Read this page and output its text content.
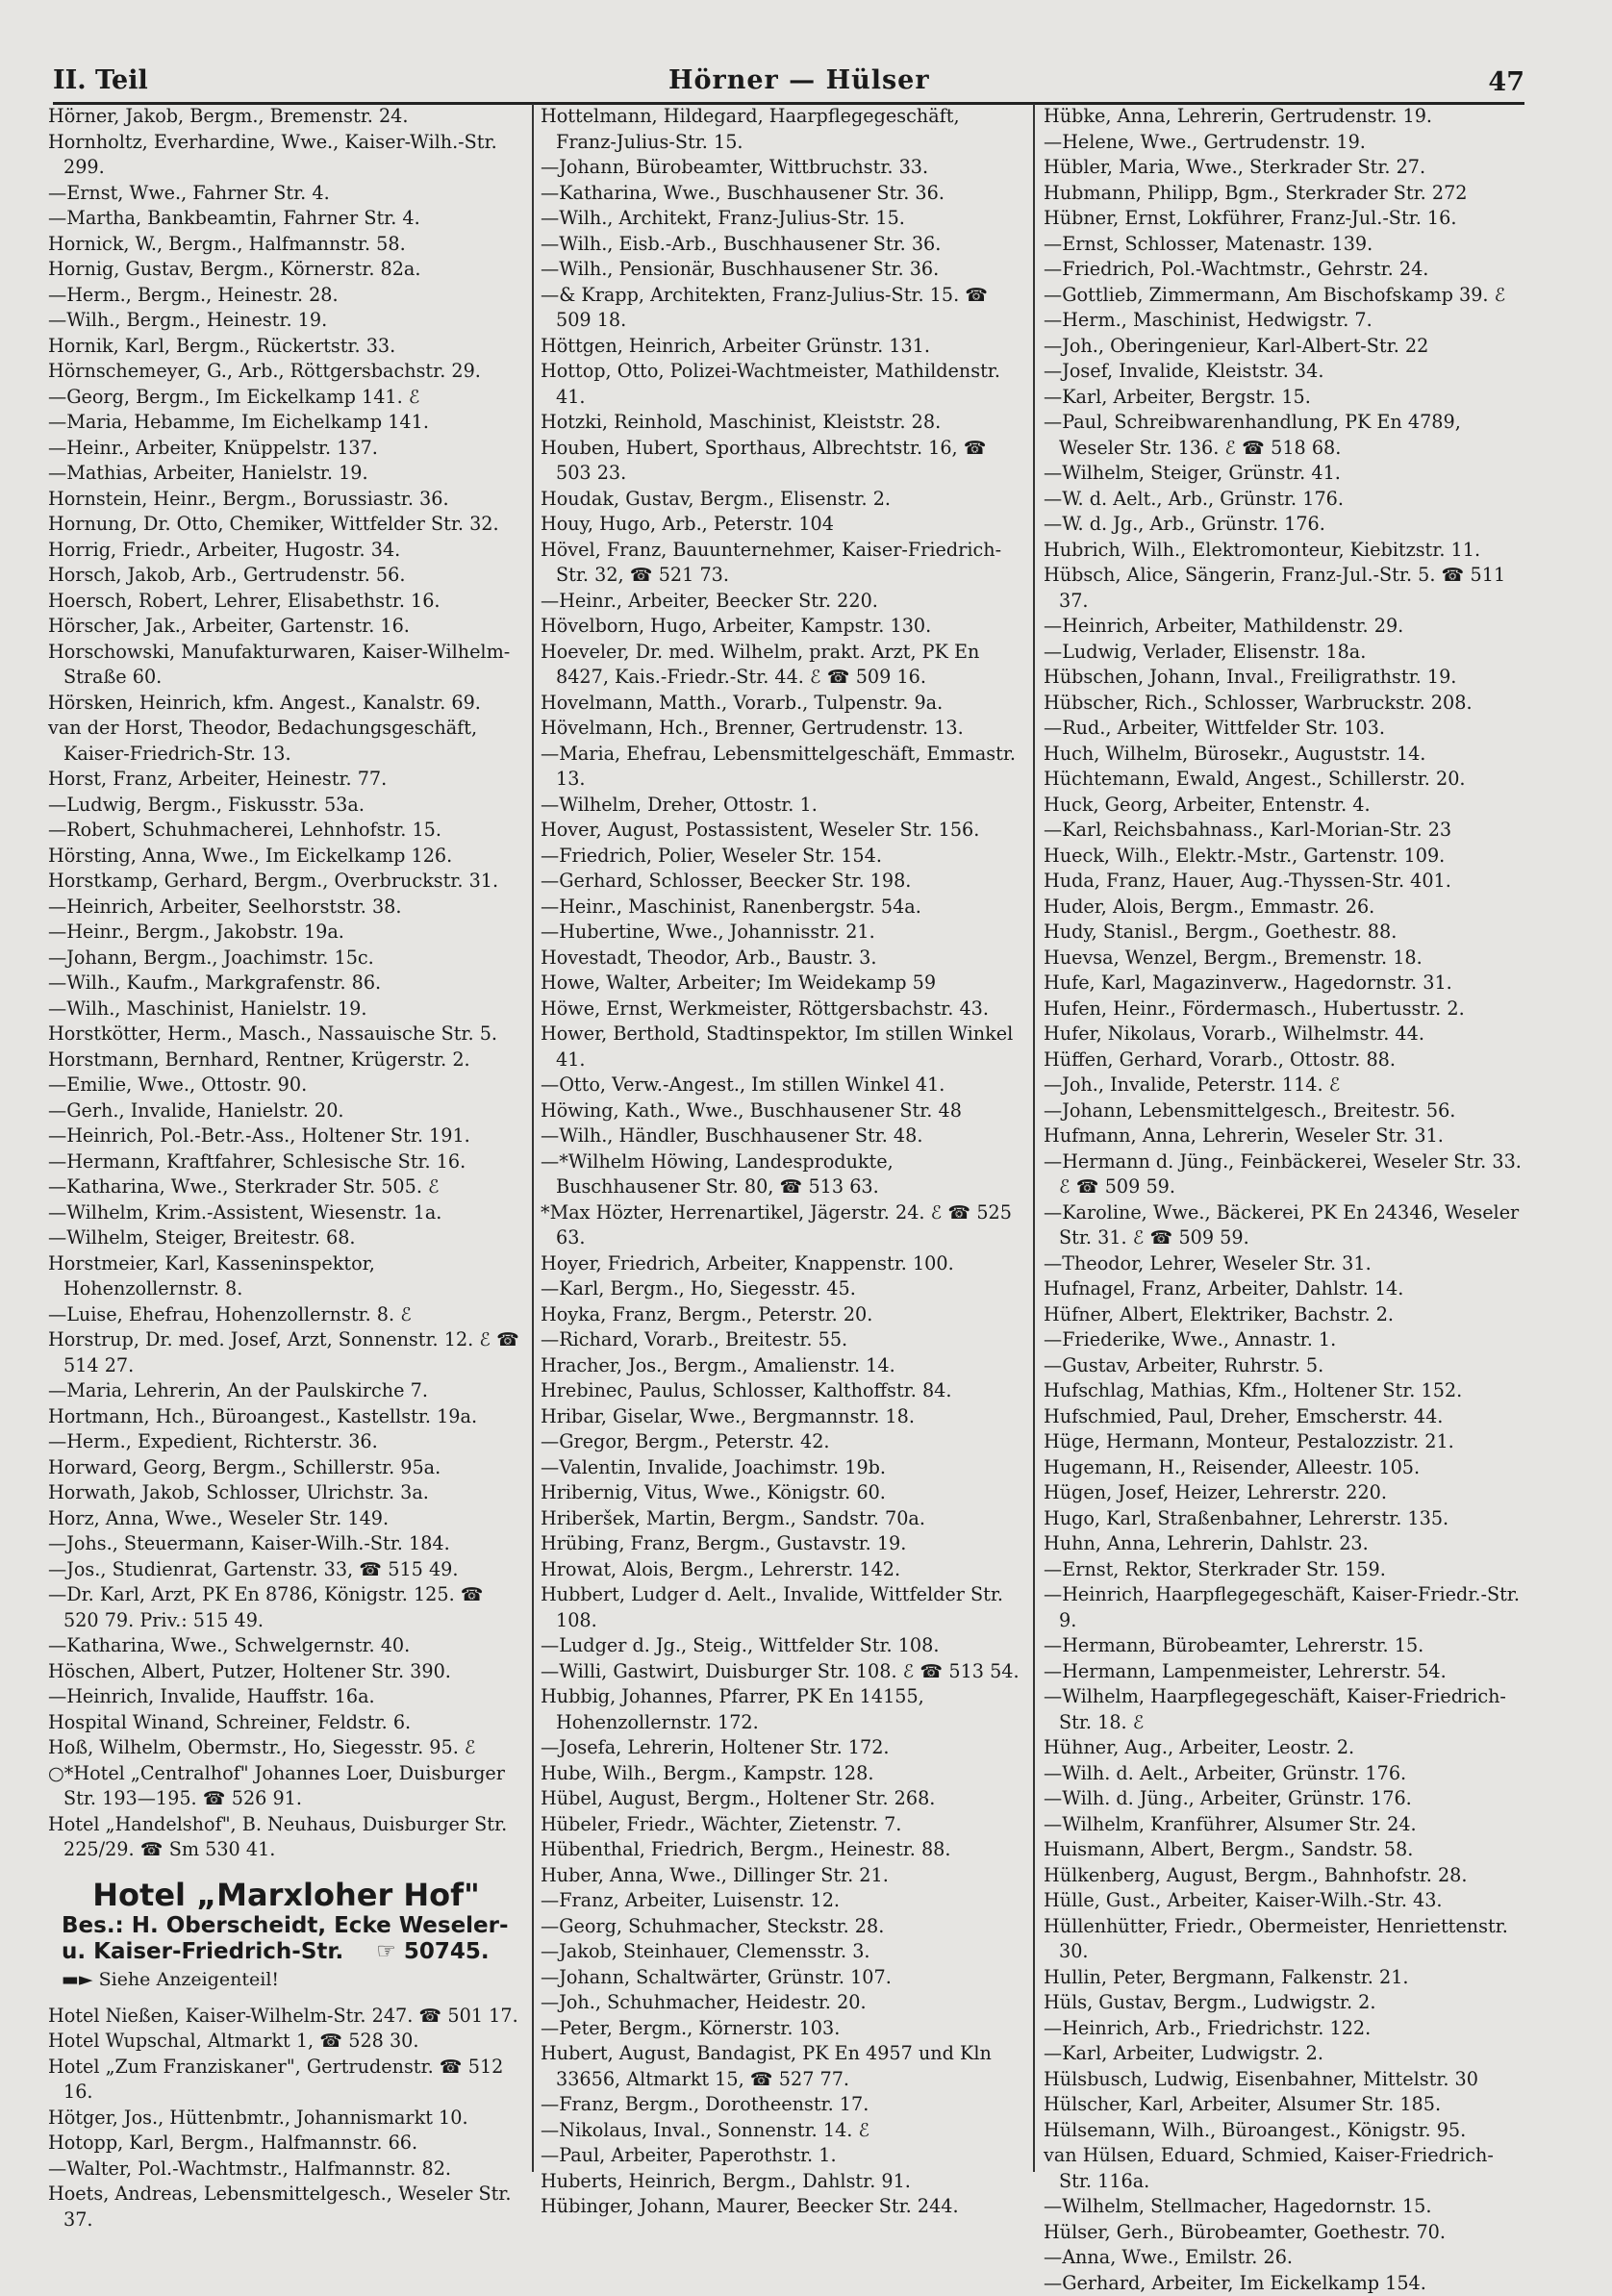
II. Teil	Hörner — Hülser	47

Hörner, Jakob, Bergm., Bremenstr. 24.

Hornholtz, Everhardine, Wwe., Kaiser-Wilh.-Str. 299.

—Ernst, Wwe., Fahrner Str. 4.

—Martha, Bankbeamtin, Fahrner Str. 4.

Hornick, W., Bergm., Halfmannstr. 58.

Hornig, Gustav, Bergm., Körnerstr. 82a.

—Herm., Bergm., Heinestr. 28.

—Wilh., Bergm., Heinestr. 19.

Hornik, Karl, Bergm., Rückertstr. 33.

Hörnschemeyer, G., Arb., Röttgersbachstr. 29.

—Georg, Bergm., Im Eickelkamp 141. ℰ

—Maria, Hebamme, Im Eichelkamp 141.

—Heinr., Arbeiter, Knüppelstr. 137.

—Mathias, Arbeiter, Hanielstr. 19.

Hornstein, Heinr., Bergm., Borussiastr. 36.

Hornung, Dr. Otto, Chemiker, Wittfelder Str. 32.

Horrig, Friedr., Arbeiter, Hugostr. 34.

Horsch, Jakob, Arb., Gertrudenstr. 56.

Hoersch, Robert, Lehrer, Elisabethstr. 16.

Hörscher, Jak., Arbeiter, Gartenstr. 16.

Horschowski, Manufakturwaren, Kaiser-Wilhelm-Straße 60.

Hörsken, Heinrich, kfm. Angest., Kanalstr. 69.

van der Horst, Theodor, Bedachungsgeschäft, Kaiser-Friedrich-Str. 13.

Horst, Franz, Arbeiter, Heinestr. 77.

—Ludwig, Bergm., Fiskusstr. 53a.

—Robert, Schuhmacherei, Lehnhofstr. 15.

Hörsting, Anna, Wwe., Im Eickelkamp 126.

Horstkamp, Gerhard, Bergm., Overbruckstr. 31.

—Heinrich, Arbeiter, Seelhorststr. 38.

—Heinr., Bergm., Jakobstr. 19a.

—Johann, Bergm., Joachimstr. 15c.

—Wilh., Kaufm., Markgrafenstr. 86.

—Wilh., Maschinist, Hanielstr. 19.

Horstkötter, Herm., Masch., Nassauische Str. 5.

Horstmann, Bernhard, Rentner, Krügerstr. 2.

—Emilie, Wwe., Ottostr. 90.

—Gerh., Invalide, Hanielstr. 20.

—Heinrich, Pol.-Betr.-Ass., Holtener Str. 191.

—Hermann, Kraftfahrer, Schlesische Str. 16.

—Katharina, Wwe., Sterkrader Str. 505. ℰ

—Wilhelm, Krim.-Assistent, Wiesenstr. 1a.

—Wilhelm, Steiger, Breitestr. 68.

Horstmeier, Karl, Kasseninspektor, Hohenzollernstr. 8.

—Luise, Ehefrau, Hohenzollernstr. 8. ℰ

Horstrup, Dr. med. Josef, Arzt, Sonnenstr. 12. ℰ ☎ 514 27.

—Maria, Lehrerin, An der Paulskirche 7.

Hortmann, Hch., Büroangest., Kastellstr. 19a.

—Herm., Expedient, Richterstr. 36.

Horward, Georg, Bergm., Schillerstr. 95a.

Horwath, Jakob, Schlosser, Ulrichstr. 3a.

Horz, Anna, Wwe., Weseler Str. 149.

—Johs., Steuermann, Kaiser-Wilh.-Str. 184.

—Jos., Studienrat, Gartenstr. 33, ☎ 515 49.

—Dr. Karl, Arzt, PK En 8786, Königstr. 125. ☎ 520 79. Priv.: 515 49.

—Katharina, Wwe., Schwelgernstr. 40.

Höschen, Albert, Putzer, Holtener Str. 390.

—Heinrich, Invalide, Hauffstr. 16a.

Hospital Winand, Schreiner, Feldstr. 6.

Hoß, Wilhelm, Obermstr., Ho, Siegesstr. 95. ℰ

○*Hotel „Centralhof" Johannes Loer, Duisburger Str. 193—195. ☎ 526 91.

Hotel „Handelshof", B. Neuhaus, Duisburger Str. 225/29. ☎ Sm 530 41.

Hotel „Marxloher Hof"
Bes.: H. Oberscheidt, Ecke Weseler-
u. Kaiser-Friedrich-Str. ☞ 50745.
▬► Siehe Anzeigenteil!

Hotel Nießen, Kaiser-Wilhelm-Str. 247. ☎ 501 17.

Hotel Wupschal, Altmarkt 1, ☎ 528 30.

Hotel „Zum Franziskaner", Gertrudenstr. ☎ 512 16.

Hötger, Jos., Hüttenbmtr., Johannismarkt 10.

Hotopp, Karl, Bergm., Halfmannstr. 66.

—Walter, Pol.-Wachtmstr., Halfmannstr. 82.

Hoets, Andreas, Lebensmittelgesch., Weseler Str. 37.

Hottelmann, Hildegard, Haarpflegegeschäft, Franz-Julius-Str. 15.

—Johann, Bürobeamter, Wittbruchstr. 33.

—Katharina, Wwe., Buschhausener Str. 36.

—Wilh., Architekt, Franz-Julius-Str. 15.

—Wilh., Eisb.-Arb., Buschhausener Str. 36.

—Wilh., Pensionär, Buschhausener Str. 36.

—& Krapp, Architekten, Franz-Julius-Str. 15. ☎ 509 18.

Höttgen, Heinrich, Arbeiter Grünstr. 131.

Hottop, Otto, Polizei-Wachtmeister, Mathildenstr. 41.

Hotzki, Reinhold, Maschinist, Kleiststr. 28.

Houben, Hubert, Sporthaus, Albrechtstr. 16, ☎ 503 23.

Houdak, Gustav, Bergm., Elisenstr. 2.

Houy, Hugo, Arb., Peterstr. 104

Hövel, Franz, Bauunternehmer, Kaiser-Friedrich-Str. 32, ☎ 521 73.

—Heinr., Arbeiter, Beecker Str. 220.

Hövelborn, Hugo, Arbeiter, Kampstr. 130.

Hoeveler, Dr. med. Wilhelm, prakt. Arzt, PK En 8427, Kais.-Friedr.-Str. 44. ℰ ☎ 509 16.

Hovelmann, Matth., Vorarb., Tulpenstr. 9a.

Hövelmann, Hch., Brenner, Gertrudenstr. 13.

—Maria, Ehefrau, Lebensmittelgeschäft, Emmastr. 13.

—Wilhelm, Dreher, Ottostr. 1.

Hover, August, Postassistent, Weseler Str. 156.

—Friedrich, Polier, Weseler Str. 154.

—Gerhard, Schlosser, Beecker Str. 198.

—Heinr., Maschinist, Ranenbergstr. 54a.

—Hubertine, Wwe., Johannisstr. 21.

Hovestadt, Theodor, Arb., Baustr. 3.

Howe, Walter, Arbeiter; Im Weidekamp 59

Höwe, Ernst, Werkmeister, Röttgersbachstr. 43.

Hower, Berthold, Stadtinspektor, Im stillen Winkel 41.

—Otto, Verw.-Angest., Im stillen Winkel 41.

Höwing, Kath., Wwe., Buschhausener Str. 48

—Wilh., Händler, Buschhausener Str. 48.

—*Wilhelm Höwing, Landesprodukte, Buschhausener Str. 80, ☎ 513 63.

*Max Hözter, Herrenartikel, Jägerstr. 24. ℰ ☎ 525 63.

Hoyer, Friedrich, Arbeiter, Knappenstr. 100.

—Karl, Bergm., Ho, Siegesstr. 45.

Hoyka, Franz, Bergm., Peterstr. 20.

—Richard, Vorarb., Breitestr. 55.

Hracher, Jos., Bergm., Amalienstr. 14.

Hrebinec, Paulus, Schlosser, Kalthoffstr. 84.

Hribar, Giselar, Wwe., Bergmannstr. 18.

—Gregor, Bergm., Peterstr. 42.

—Valentin, Invalide, Joachimstr. 19b.

Hribernig, Vitus, Wwe., Königstr. 60.

Hriberšek, Martin, Bergm., Sandstr. 70a.

Hrübing, Franz, Bergm., Gustavstr. 19.

Hrowat, Alois, Bergm., Lehrerstr. 142.

Hubbert, Ludger d. Aelt., Invalide, Wittfelder Str. 108.

—Ludger d. Jg., Steig., Wittfelder Str. 108.

—Willi, Gastwirt, Duisburger Str. 108. ℰ ☎ 513 54.

Hubbig, Johannes, Pfarrer, PK En 14155, Hohenzollernstr. 172.

—Josefa, Lehrerin, Holtener Str. 172.

Hube, Wilh., Bergm., Kampstr. 128.

Hübel, August, Bergm., Holtener Str. 268.

Hübeler, Friedr., Wächter, Zietenstr. 7.

Hübenthal, Friedrich, Bergm., Heinestr. 88.

Huber, Anna, Wwe., Dillinger Str. 21.

—Franz, Arbeiter, Luisenstr. 12.

—Georg, Schuhmacher, Steckstr. 28.

—Jakob, Steinhauer, Clemensstr. 3.

—Johann, Schaltwärter, Grünstr. 107.

—Joh., Schuhmacher, Heidestr. 20.

—Peter, Bergm., Körnerstr. 103.

Hubert, August, Bandagist, PK En 4957 und Kln 33656, Altmarkt 15, ☎ 527 77.

—Franz, Bergm., Dorotheenstr. 17.

—Nikolaus, Inval., Sonnenstr. 14. ℰ

—Paul, Arbeiter, Paperothstr. 1.

Huberts, Heinrich, Bergm., Dahlstr. 91.

Hübinger, Johann, Maurer, Beecker Str. 244.

Hübke, Anna, Lehrerin, Gertrudenstr. 19.

—Helene, Wwe., Gertrudenstr. 19.

Hübler, Maria, Wwe., Sterkrader Str. 27.

Hubmann, Philipp, Bgm., Sterkrader Str. 272

Hübner, Ernst, Lokführer, Franz-Jul.-Str. 16.

—Ernst, Schlosser, Matenastr. 139.

—Friedrich, Pol.-Wachtmstr., Gehrstr. 24.

—Gottlieb, Zimmermann, Am Bischofskamp 39. ℰ

—Herm., Maschinist, Hedwigstr. 7.

—Joh., Oberingenieur, Karl-Albert-Str. 22

—Josef, Invalide, Kleiststr. 34.

—Karl, Arbeiter, Bergstr. 15.

—Paul, Schreibwarenhandlung, PK En 4789, Weseler Str. 136. ℰ ☎ 518 68.

—Wilhelm, Steiger, Grünstr. 41.

—W. d. Aelt., Arb., Grünstr. 176.

—W. d. Jg., Arb., Grünstr. 176.

Hubrich, Wilh., Elektromonteur, Kiebitzstr. 11.

Hübsch, Alice, Sängerin, Franz-Jul.-Str. 5. ☎ 511 37.

—Heinrich, Arbeiter, Mathildenstr. 29.

—Ludwig, Verlader, Elisenstr. 18a.

Hübschen, Johann, Inval., Freiligrathstr. 19.

Hübscher, Rich., Schlosser, Warbruckstr. 208.

—Rud., Arbeiter, Wittfelder Str. 103.

Huch, Wilhelm, Bürosekr., Auguststr. 14.

Hüchtemann, Ewald, Angest., Schillerstr. 20.

Huck, Georg, Arbeiter, Entenstr. 4.

—Karl, Reichsbahnass., Karl-Morian-Str. 23

Hueck, Wilh., Elektr.-Mstr., Gartenstr. 109.

Huda, Franz, Hauer, Aug.-Thyssen-Str. 401.

Huder, Alois, Bergm., Emmastr. 26.

Hudy, Stanisl., Bergm., Goethestr. 88.

Huevsa, Wenzel, Bergm., Bremenstr. 18.

Hufe, Karl, Magazinverw., Hagedornstr. 31.

Hufen, Heinr., Fördermasch., Hubertusstr. 2.

Hufer, Nikolaus, Vorarb., Wilhelmstr. 44.

Hüffen, Gerhard, Vorarb., Ottostr. 88.

—Joh., Invalide, Peterstr. 114. ℰ

—Johann, Lebensmittelgesch., Breitestr. 56.

Hufmann, Anna, Lehrerin, Weseler Str. 31.

—Hermann d. Jüng., Feinbäckerei, Weseler Str. 33. ℰ ☎ 509 59.

—Karoline, Wwe., Bäckerei, PK En 24346, Weseler Str. 31. ℰ ☎ 509 59.

—Theodor, Lehrer, Weseler Str. 31.

Hufnagel, Franz, Arbeiter, Dahlstr. 14.

Hüfner, Albert, Elektriker, Bachstr. 2.

—Friederike, Wwe., Annastr. 1.

—Gustav, Arbeiter, Ruhrstr. 5.

Hufschlag, Mathias, Kfm., Holtener Str. 152.

Hufschmied, Paul, Dreher, Emscherstr. 44.

Hüge, Hermann, Monteur, Pestalozzistr. 21.

Hugemann, H., Reisender, Alleestr. 105.

Hügen, Josef, Heizer, Lehrerstr. 220.

Hugo, Karl, Straßenbahner, Lehrerstr. 135.

Huhn, Anna, Lehrerin, Dahlstr. 23.

—Ernst, Rektor, Sterkrader Str. 159.

—Heinrich, Haarpflegegeschäft, Kaiser-Friedr.-Str. 9.

—Hermann, Bürobeamter, Lehrerstr. 15.

—Hermann, Lampenmeister, Lehrerstr. 54.

—Wilhelm, Haarpflegegeschäft, Kaiser-Friedrich-Str. 18. ℰ

Hühner, Aug., Arbeiter, Leostr. 2.

—Wilh. d. Aelt., Arbeiter, Grünstr. 176.

—Wilh. d. Jüng., Arbeiter, Grünstr. 176.

—Wilhelm, Kranführer, Alsumer Str. 24.

Huismann, Albert, Bergm., Sandstr. 58.

Hülkenberg, August, Bergm., Bahnhofstr. 28.

Hülle, Gust., Arbeiter, Kaiser-Wilh.-Str. 43.

Hüllenhütter, Friedr., Obermeister, Henriettenstr. 30.

Hullin, Peter, Bergmann, Falkenstr. 21.

Hüls, Gustav, Bergm., Ludwigstr. 2.

—Heinrich, Arb., Friedrichstr. 122.

—Karl, Arbeiter, Ludwigstr. 2.

Hülsbusch, Ludwig, Eisenbahner, Mittelstr. 30

Hülscher, Karl, Arbeiter, Alsumer Str. 185.

Hülsemann, Wilh., Büroangest., Königstr. 95.

van Hülsen, Eduard, Schmied, Kaiser-Friedrich-Str. 116a.

—Wilhelm, Stellmacher, Hagedornstr. 15.

Hülser, Gerh., Bürobeamter, Goethestr. 70.

—Anna, Wwe., Emilstr. 26.

—Gerhard, Arbeiter, Im Eickelkamp 154.
